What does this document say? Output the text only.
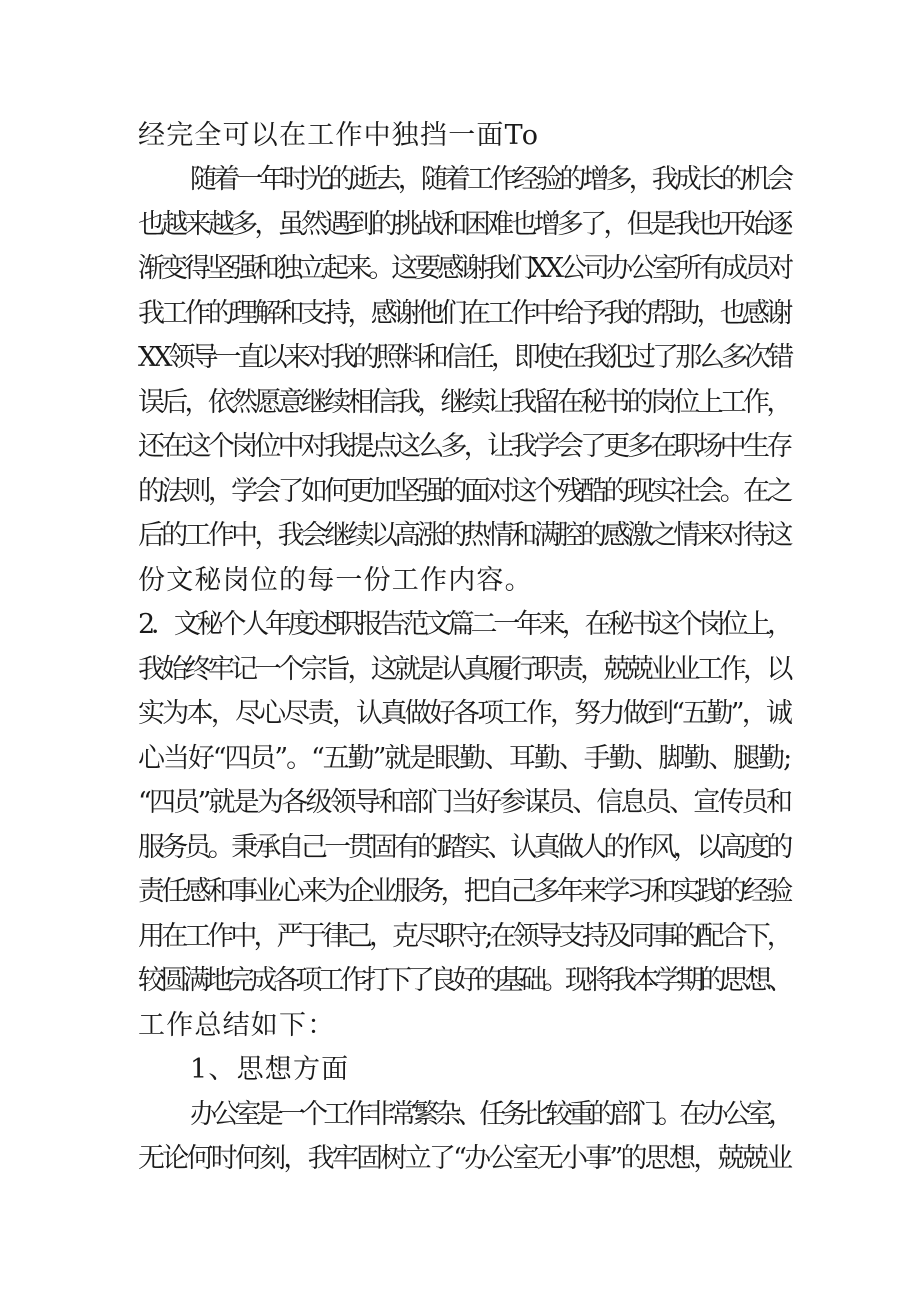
经完全可以在工作中独挡一面To
随着一年时光的逝去，随着工作经验的增多，我成长的机会
也越来越多，虽然遇到的挑战和困难也增多了，但是我也开始逐
渐变得坚强和独立起来。这要感谢我们XX公司办公室所有成员对
我工作的理解和支持，感谢他们在工作中给予我的帮助，也感谢
XX领导一直以来对我的照料和信任，即使在我犯过了那么多次错
误后，依然愿意继续相信我，继续让我留在秘书的岗位上工作，
还在这个岗位中对我提点这么多，让我学会了更多在职场中生存
的法则，学会了如何更加坚强的面对这个残酷的现实社会。在之
后的工作中，我会继续以高涨的热情和满腔的感激之情来对待这
份文秘岗位的每一份工作内容。
2．文秘个人年度述职报告范文篇二一年来，在秘书这个岗位上，
我始终牢记一个宗旨，这就是认真履行职责，兢兢业业工作，以
实为本，尽心尽责，认真做好各项工作，努力做到“五勤”，诚
心当好“四员”。“五勤”就是眼勤、耳勤、手勤、脚勤、腿勤;
“四员”就是为各级领导和部门当好参谋员、信息员、宣传员和
服务员。秉承自己一贯固有的踏实、认真做人的作风，以高度的
责任感和事业心来为企业服务，把自己多年来学习和实践的经验
用在工作中，严于律己，克尽职守;在领导支持及同事的配合下，
较圆满地完成各项工作打下了良好的基础。现将我本学期的思想、
工作总结如下：
1、思想方面
办公室是一个工作非常繁杂、任务比较重的部门。在办公室，
无论何时何刻，我牢固树立了“办公室无小事”的思想，兢兢业
